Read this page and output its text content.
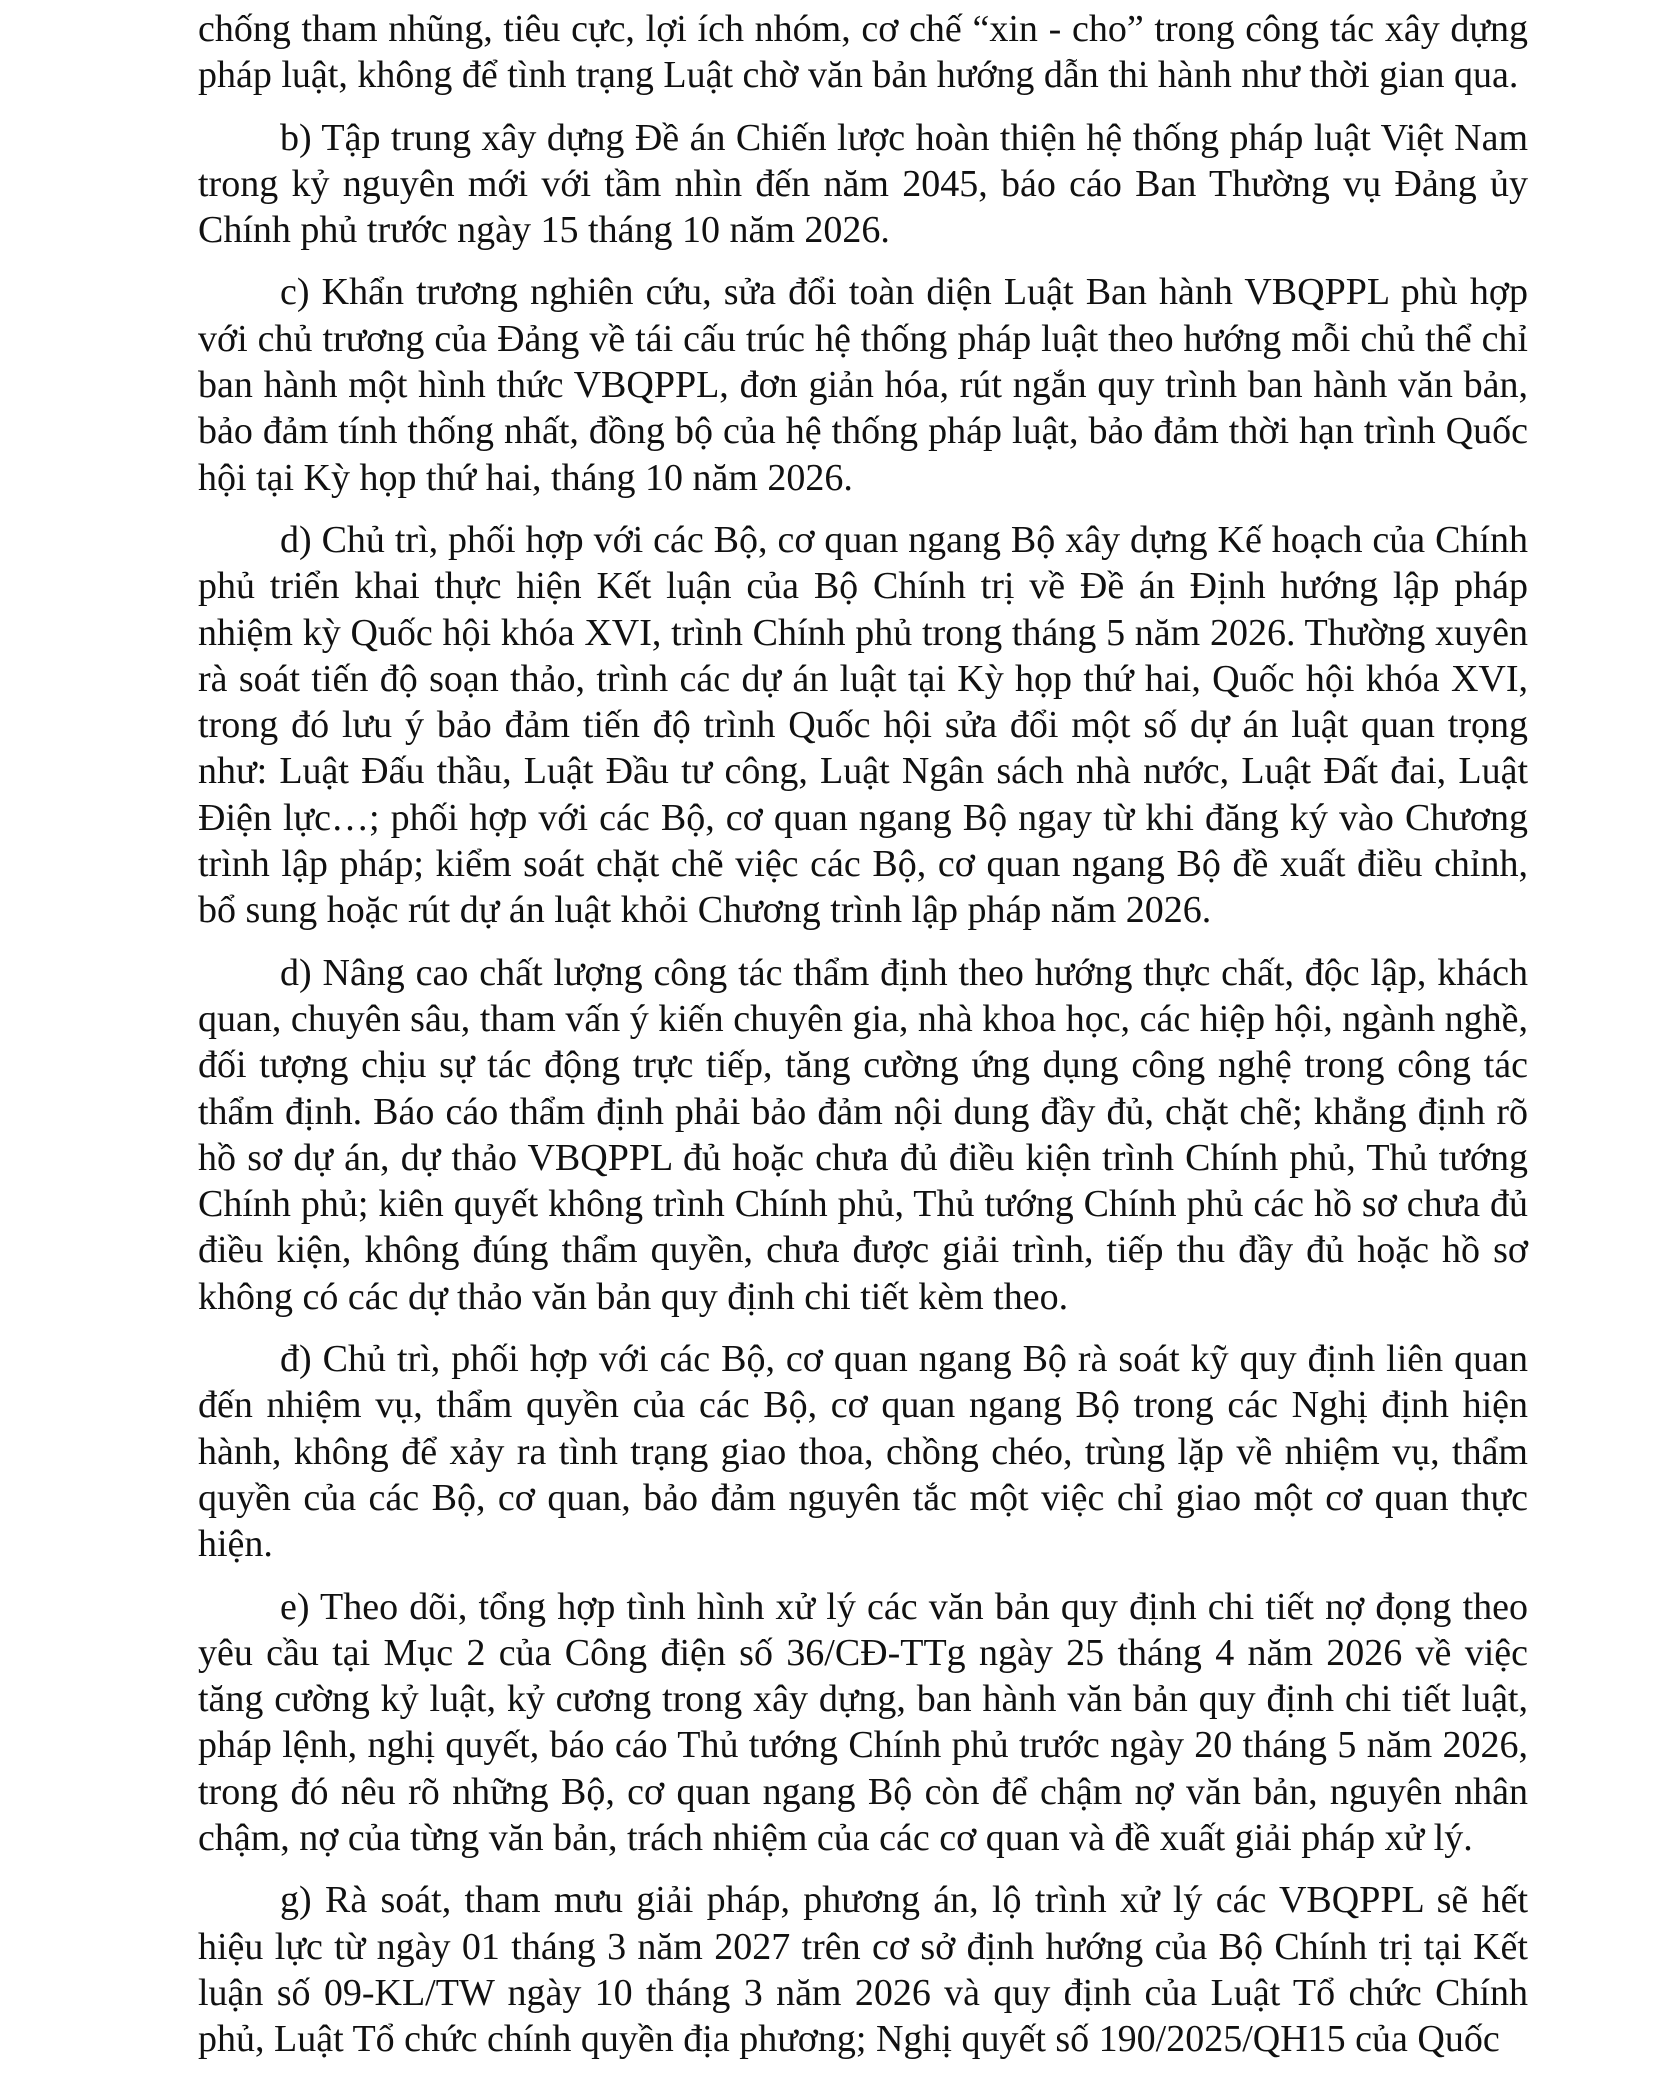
chống tham nhũng, tiêu cực, lợi ích nhóm, cơ chế “xin - cho” trong công tác xây dựng pháp luật, không để tình trạng Luật chờ văn bản hướng dẫn thi hành như thời gian qua.

b) Tập trung xây dựng Đề án Chiến lược hoàn thiện hệ thống pháp luật Việt Nam trong kỷ nguyên mới với tầm nhìn đến năm 2045, báo cáo Ban Thường vụ Đảng ủy Chính phủ trước ngày 15 tháng 10 năm 2026.

c) Khẩn trương nghiên cứu, sửa đổi toàn diện Luật Ban hành VBQPPL phù hợp với chủ trương của Đảng về tái cấu trúc hệ thống pháp luật theo hướng mỗi chủ thể chỉ ban hành một hình thức VBQPPL, đơn giản hóa, rút ngắn quy trình ban hành văn bản, bảo đảm tính thống nhất, đồng bộ của hệ thống pháp luật, bảo đảm thời hạn trình Quốc hội tại Kỳ họp thứ hai, tháng 10 năm 2026.

d) Chủ trì, phối hợp với các Bộ, cơ quan ngang Bộ xây dựng Kế hoạch của Chính phủ triển khai thực hiện Kết luận của Bộ Chính trị về Đề án Định hướng lập pháp nhiệm kỳ Quốc hội khóa XVI, trình Chính phủ trong tháng 5 năm 2026. Thường xuyên rà soát tiến độ soạn thảo, trình các dự án luật tại Kỳ họp thứ hai, Quốc hội khóa XVI, trong đó lưu ý bảo đảm tiến độ trình Quốc hội sửa đổi một số dự án luật quan trọng như: Luật Đấu thầu, Luật Đầu tư công, Luật Ngân sách nhà nước, Luật Đất đai, Luật Điện lực…; phối hợp với các Bộ, cơ quan ngang Bộ ngay từ khi đăng ký vào Chương trình lập pháp; kiểm soát chặt chẽ việc các Bộ, cơ quan ngang Bộ đề xuất điều chỉnh, bổ sung hoặc rút dự án luật khỏi Chương trình lập pháp năm 2026.

d) Nâng cao chất lượng công tác thẩm định theo hướng thực chất, độc lập, khách quan, chuyên sâu, tham vấn ý kiến chuyên gia, nhà khoa học, các hiệp hội, ngành nghề, đối tượng chịu sự tác động trực tiếp, tăng cường ứng dụng công nghệ trong công tác thẩm định. Báo cáo thẩm định phải bảo đảm nội dung đầy đủ, chặt chẽ; khẳng định rõ hồ sơ dự án, dự thảo VBQPPL đủ hoặc chưa đủ điều kiện trình Chính phủ, Thủ tướng Chính phủ; kiên quyết không trình Chính phủ, Thủ tướng Chính phủ các hồ sơ chưa đủ điều kiện, không đúng thẩm quyền, chưa được giải trình, tiếp thu đầy đủ hoặc hồ sơ không có các dự thảo văn bản quy định chi tiết kèm theo.

đ) Chủ trì, phối hợp với các Bộ, cơ quan ngang Bộ rà soát kỹ quy định liên quan đến nhiệm vụ, thẩm quyền của các Bộ, cơ quan ngang Bộ trong các Nghị định hiện hành, không để xảy ra tình trạng giao thoa, chồng chéo, trùng lặp về nhiệm vụ, thẩm quyền của các Bộ, cơ quan, bảo đảm nguyên tắc một việc chỉ giao một cơ quan thực hiện.

e) Theo dõi, tổng hợp tình hình xử lý các văn bản quy định chi tiết nợ đọng theo yêu cầu tại Mục 2 của Công điện số 36/CĐ-TTg ngày 25 tháng 4 năm 2026 về việc tăng cường kỷ luật, kỷ cương trong xây dựng, ban hành văn bản quy định chi tiết luật, pháp lệnh, nghị quyết, báo cáo Thủ tướng Chính phủ trước ngày 20 tháng 5 năm 2026, trong đó nêu rõ những Bộ, cơ quan ngang Bộ còn để chậm nợ văn bản, nguyên nhân chậm, nợ của từng văn bản, trách nhiệm của các cơ quan và đề xuất giải pháp xử lý.

g) Rà soát, tham mưu giải pháp, phương án, lộ trình xử lý các VBQPPL sẽ hết hiệu lực từ ngày 01 tháng 3 năm 2027 trên cơ sở định hướng của Bộ Chính trị tại Kết luận số 09-KL/TW ngày 10 tháng 3 năm 2026 và quy định của Luật Tổ chức Chính phủ, Luật Tổ chức chính quyền địa phương; Nghị quyết số 190/2025/QH15 của Quốc
